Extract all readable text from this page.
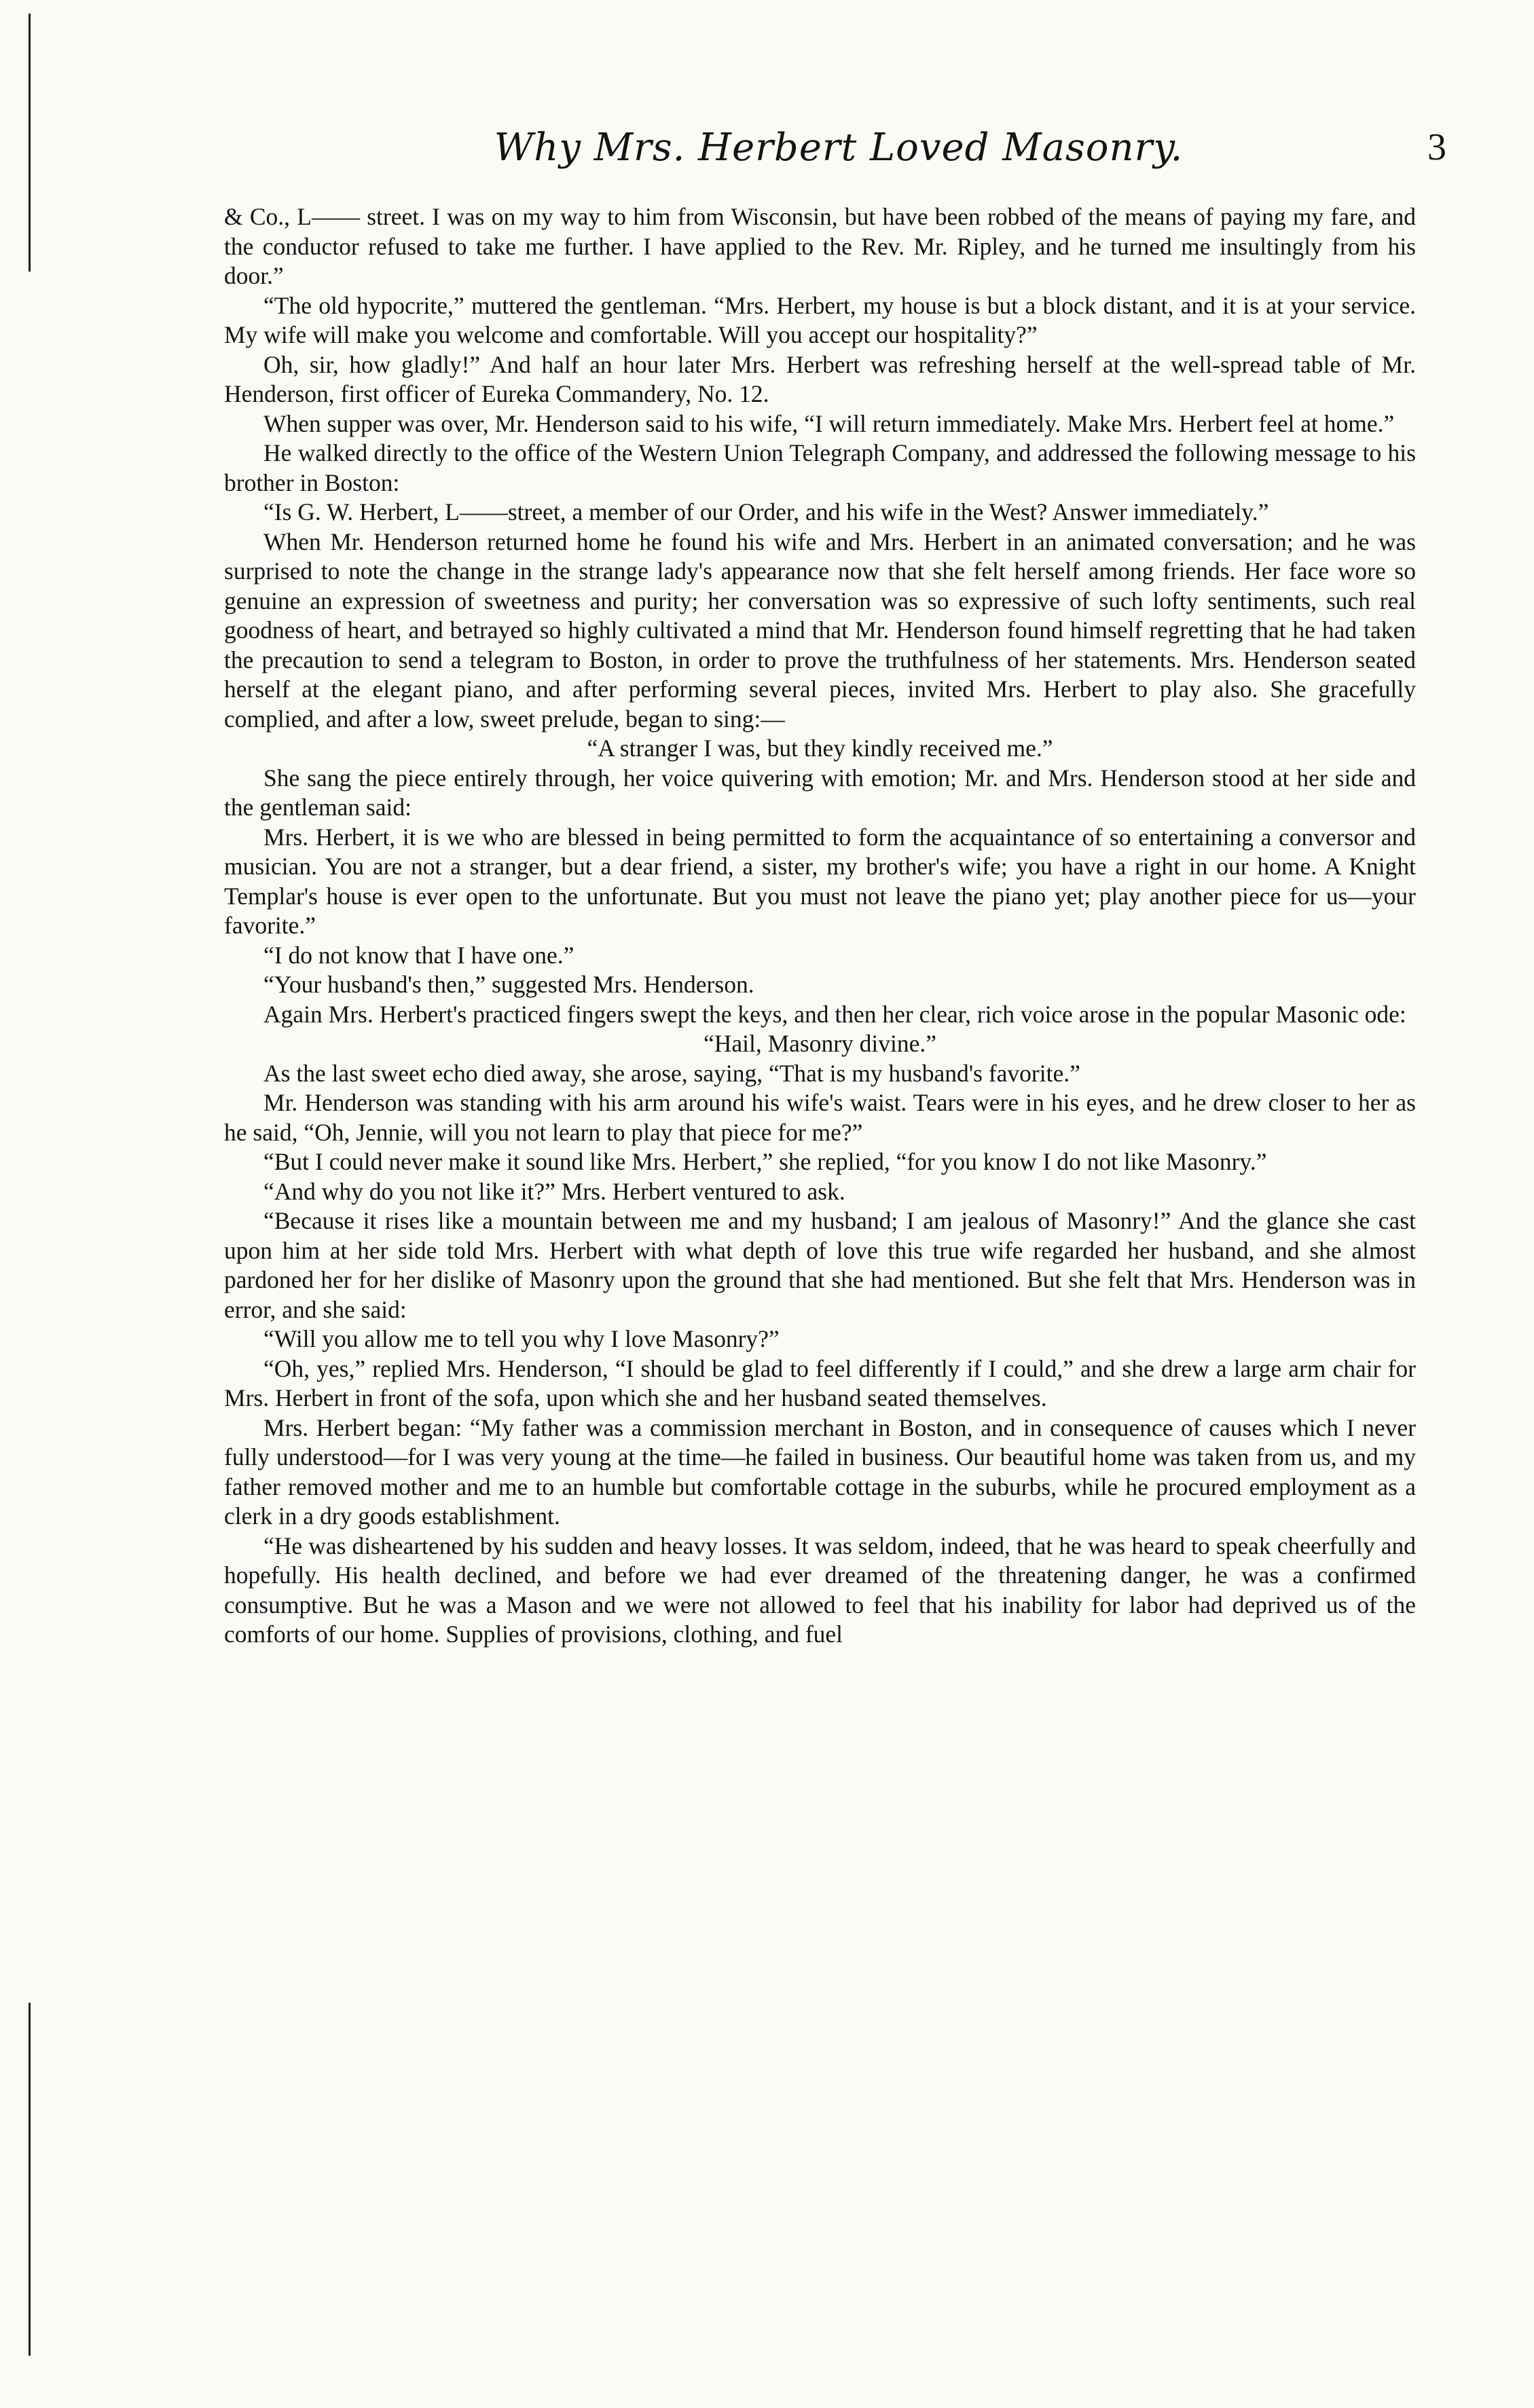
Why Mrs. Herbert Loved Masonry.	3

& Co., L—— street. I was on my way to him from Wisconsin, but have been robbed of the means of paying my fare, and the conductor refused to take me further. I have applied to the Rev. Mr. Ripley, and he turned me insultingly from his door.”

“The old hypocrite,” muttered the gentleman. “Mrs. Herbert, my house is but a block distant, and it is at your service. My wife will make you welcome and comfortable. Will you accept our hospitality?”

Oh, sir, how gladly!” And half an hour later Mrs. Herbert was refreshing herself at the well-spread table of Mr. Henderson, first officer of Eureka Commandery, No. 12.

When supper was over, Mr. Henderson said to his wife, “I will return immediately. Make Mrs. Herbert feel at home.”

He walked directly to the office of the Western Union Telegraph Company, and addressed the following message to his brother in Boston:

“Is G. W. Herbert, L——street, a member of our Order, and his wife in the West? Answer immediately.”

When Mr. Henderson returned home he found his wife and Mrs. Herbert in an animated conversation; and he was surprised to note the change in the strange lady's appearance now that she felt herself among friends. Her face wore so genuine an expression of sweetness and purity; her conversation was so expressive of such lofty sentiments, such real goodness of heart, and betrayed so highly cultivated a mind that Mr. Henderson found himself regretting that he had taken the precaution to send a telegram to Boston, in order to prove the truthfulness of her statements. Mrs. Henderson seated herself at the elegant piano, and after performing several pieces, invited Mrs. Herbert to play also. She gracefully complied, and after a low, sweet prelude, began to sing:—

“A stranger I was, but they kindly received me.”

She sang the piece entirely through, her voice quivering with emotion; Mr. and Mrs. Henderson stood at her side and the gentleman said:

Mrs. Herbert, it is we who are blessed in being permitted to form the acquaintance of so entertaining a conversor and musician. You are not a stranger, but a dear friend, a sister, my brother's wife; you have a right in our home. A Knight Templar's house is ever open to the unfortunate. But you must not leave the piano yet; play another piece for us—your favorite.”

“I do not know that I have one.”

“Your husband's then,” suggested Mrs. Henderson.

Again Mrs. Herbert's practiced fingers swept the keys, and then her clear, rich voice arose in the popular Masonic ode:

“Hail, Masonry divine.”

As the last sweet echo died away, she arose, saying, “That is my husband's favorite.”

Mr. Henderson was standing with his arm around his wife's waist. Tears were in his eyes, and he drew closer to her as he said, “Oh, Jennie, will you not learn to play that piece for me?”

“But I could never make it sound like Mrs. Herbert,” she replied, “for you know I do not like Masonry.”

“And why do you not like it?” Mrs. Herbert ventured to ask.

“Because it rises like a mountain between me and my husband; I am jealous of Masonry!” And the glance she cast upon him at her side told Mrs. Herbert with what depth of love this true wife regarded her husband, and she almost pardoned her for her dislike of Masonry upon the ground that she had mentioned. But she felt that Mrs. Henderson was in error, and she said:

“Will you allow me to tell you why I love Masonry?”

“Oh, yes,” replied Mrs. Henderson, “I should be glad to feel differently if I could,” and she drew a large arm chair for Mrs. Herbert in front of the sofa, upon which she and her husband seated themselves.

Mrs. Herbert began: “My father was a commission merchant in Boston, and in consequence of causes which I never fully understood—for I was very young at the time—he failed in business. Our beautiful home was taken from us, and my father removed mother and me to an humble but comfortable cottage in the suburbs, while he procured employment as a clerk in a dry goods establishment.

“He was disheartened by his sudden and heavy losses. It was seldom, indeed, that he was heard to speak cheerfully and hopefully. His health declined, and before we had ever dreamed of the threatening danger, he was a confirmed consumptive. But he was a Mason and we were not allowed to feel that his inability for labor had deprived us of the comforts of our home. Supplies of provisions, clothing, and fuel
